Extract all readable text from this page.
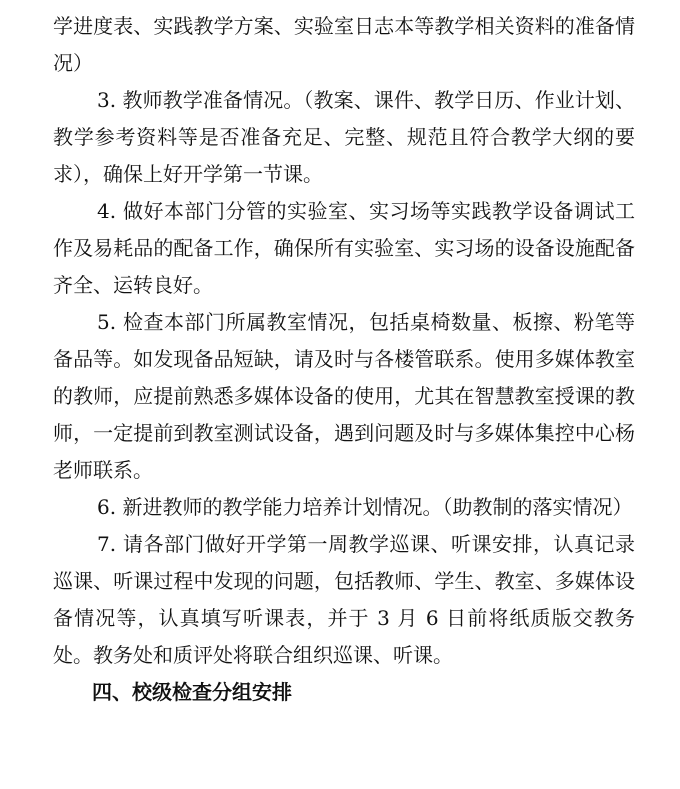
学进度表、实践教学方案、实验室日志本等教学相关资料的准备情况）

3. 教师教学准备情况。（教案、课件、教学日历、作业计划、教学参考资料等是否准备充足、完整、规范且符合教学大纲的要求），确保上好开学第一节课。

4. 做好本部门分管的实验室、实习场等实践教学设备调试工作及易耗品的配备工作，确保所有实验室、实习场的设备设施配备齐全、运转良好。

5. 检查本部门所属教室情况，包括桌椅数量、板擦、粉笔等备品等。如发现备品短缺，请及时与各楼管联系。使用多媒体教室的教师，应提前熟悉多媒体设备的使用，尤其在智慧教室授课的教师，一定提前到教室测试设备，遇到问题及时与多媒体集控中心杨老师联系。

6. 新进教师的教学能力培养计划情况。（助教制的落实情况）

7. 请各部门做好开学第一周教学巡课、听课安排，认真记录巡课、听课过程中发现的问题，包括教师、学生、教室、多媒体设备情况等，认真填写听课表，并于 3 月 6 日前将纸质版交教务处。教务处和质评处将联合组织巡课、听课。

四、校级检查分组安排
